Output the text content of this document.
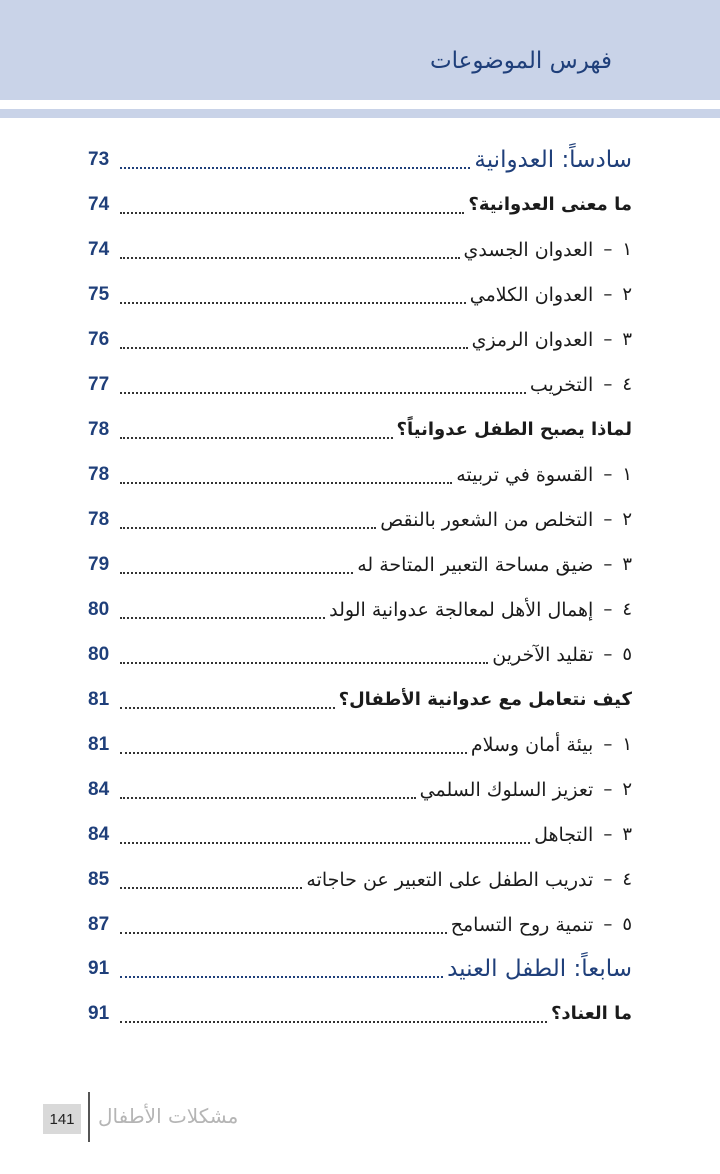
فهرس الموضوعات
سادساً: العدوانية
73
ما معنى العدوانية؟
74
١
–
العدوان الجسدي
74
٢
–
العدوان الكلامي
75
٣
–
العدوان الرمزي
76
٤
–
التخريب
77
لماذا يصبح الطفل عدوانياً؟
78
١
–
القسوة في تربيته
78
٢
–
التخلص من الشعور بالنقص
78
٣
–
ضيق مساحة التعبير المتاحة له
79
٤
–
إهمال الأهل لمعالجة عدوانية الولد
80
٥
–
تقليد الآخرين
80
كيف نتعامل مع عدوانية الأطفال؟
81
١
–
بيئة أمان وسلام
81
٢
–
تعزيز السلوك السلمي
84
٣
–
التجاهل
84
٤
–
تدريب الطفل على التعبير عن حاجاته
85
٥
–
تنمية روح التسامح
87
سابعاً: الطفل العنيد
91
ما العناد؟
91
141	مشكلات الأطفال
